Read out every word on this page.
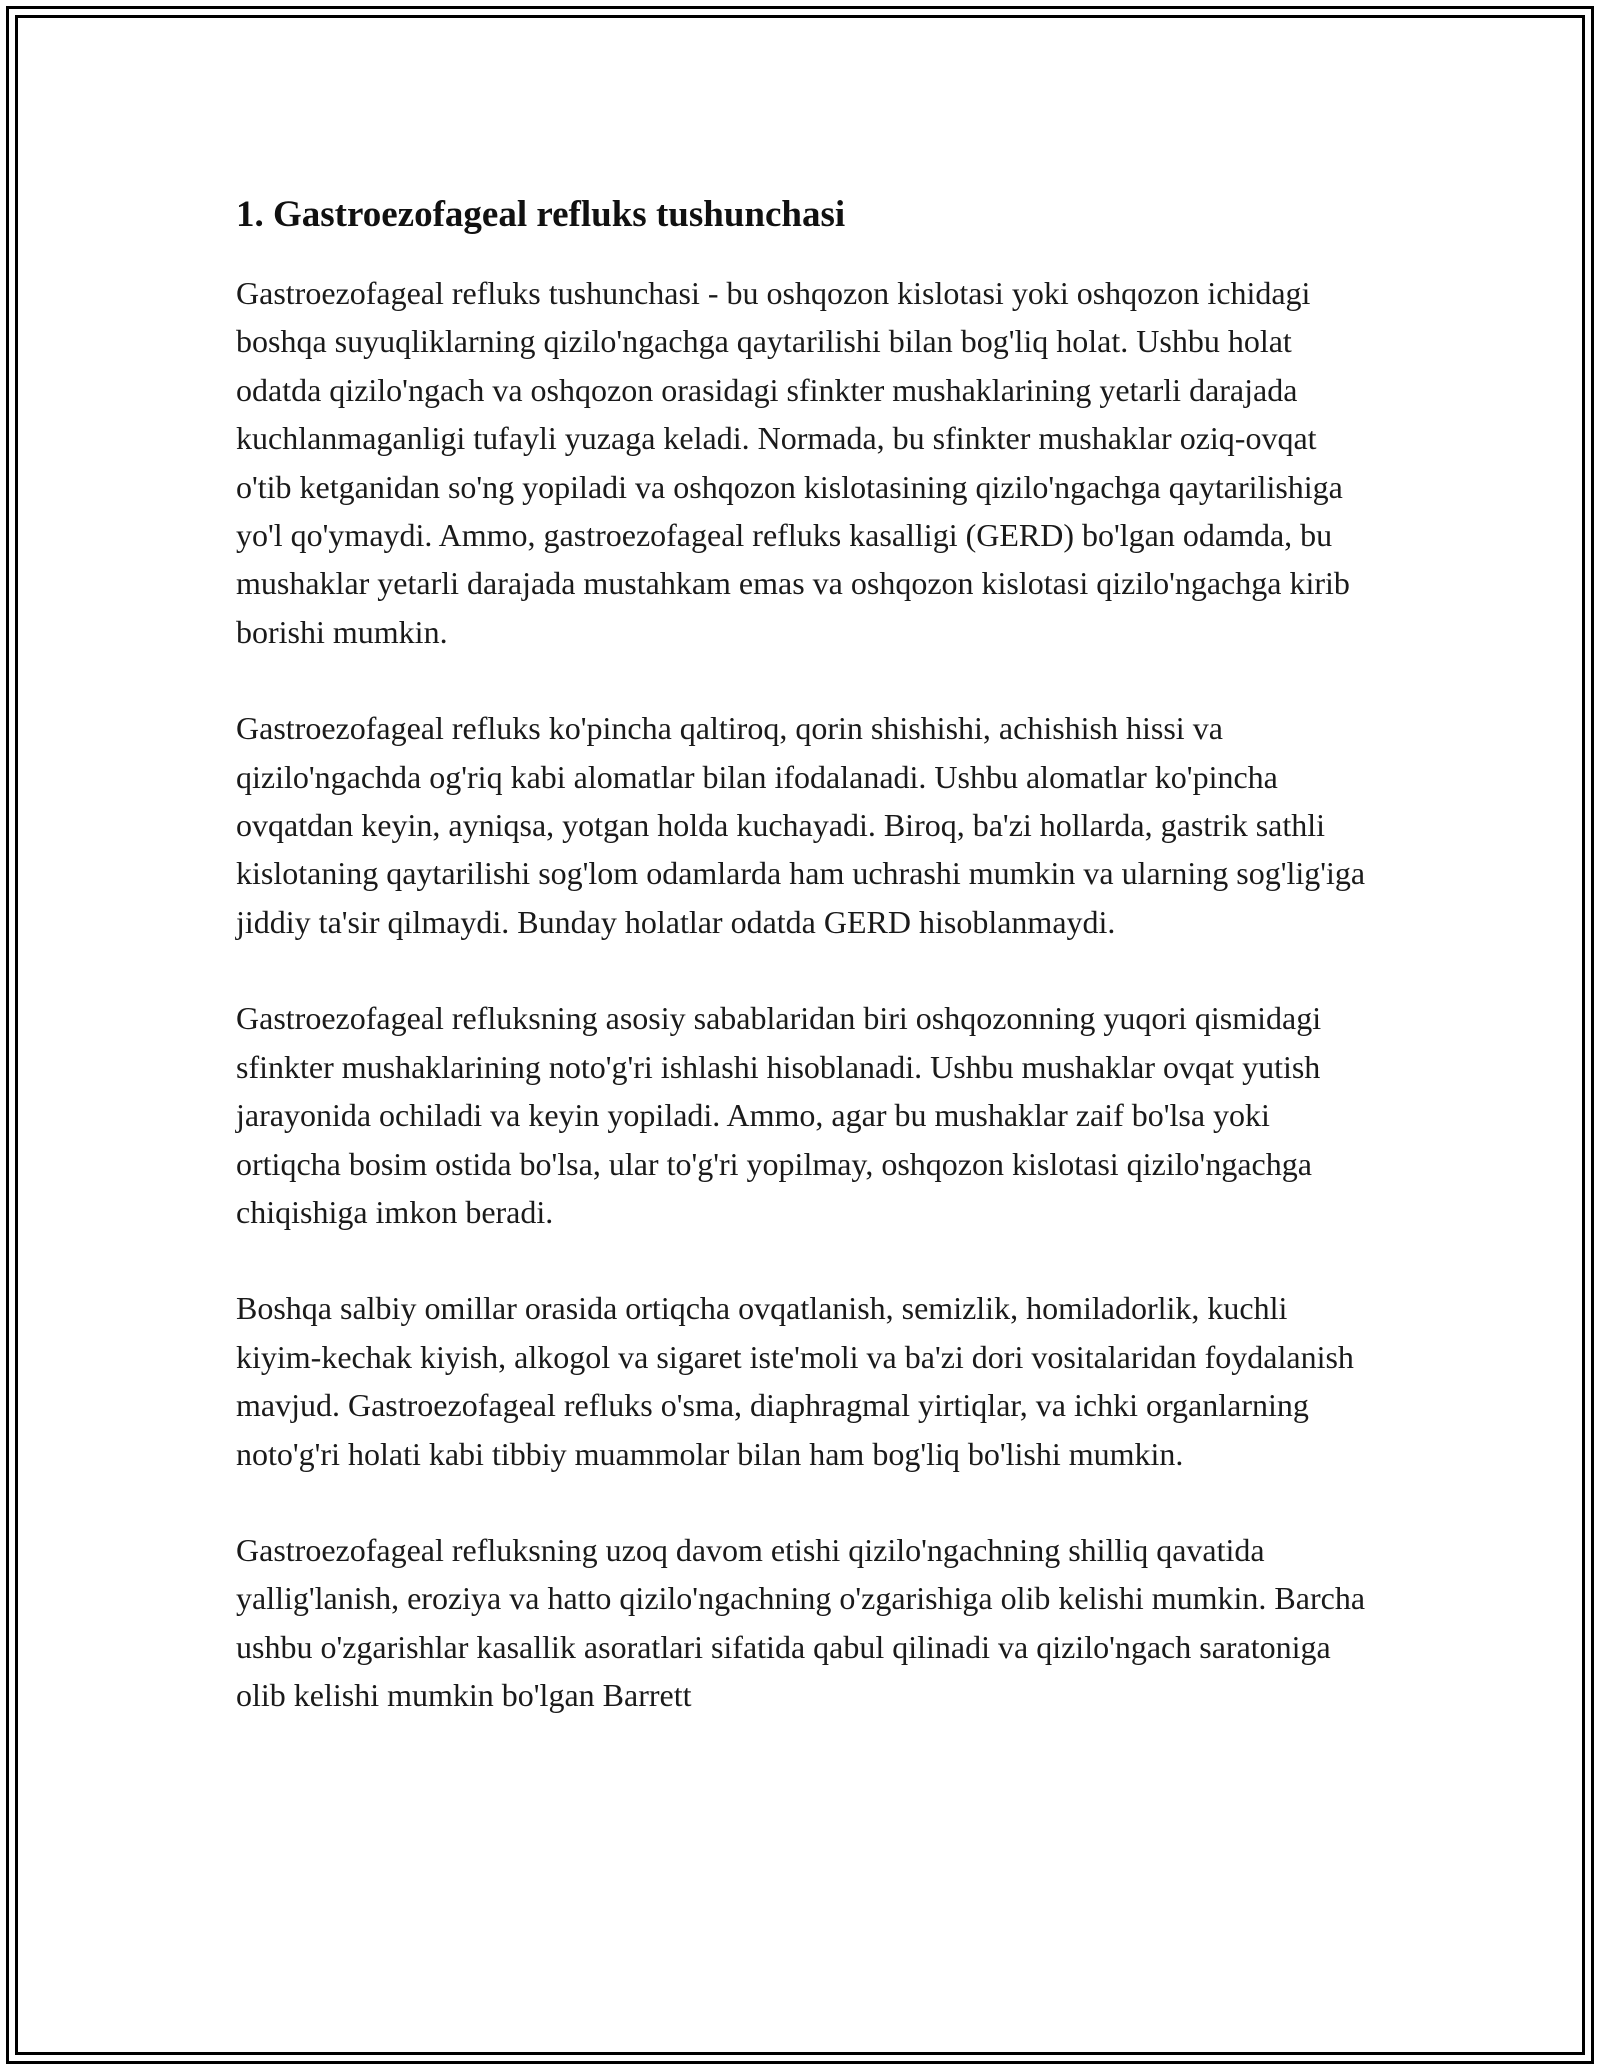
1. Gastroezofageal refluks tushunchasi

Gastroezofageal refluks tushunchasi - bu oshqozon kislotasi yoki oshqozon ichidagi boshqa suyuqliklarning qizilo'ngachga qaytarilishi bilan bog'liq holat. Ushbu holat odatda qizilo'ngach va oshqozon orasidagi sfinkter mushaklarining yetarli darajada kuchlanmaganligi tufayli yuzaga keladi. Normada, bu sfinkter mushaklar oziq-ovqat o'tib ketganidan so'ng yopiladi va oshqozon kislotasining qizilo'ngachga qaytarilishiga yo'l qo'ymaydi. Ammo, gastroezofageal refluks kasalligi (GERD) bo'lgan odamda, bu mushaklar yetarli darajada mustahkam emas va oshqozon kislotasi qizilo'ngachga kirib borishi mumkin.

Gastroezofageal refluks ko'pincha qaltiroq, qorin shishishi, achishish hissi va qizilo'ngachda og'riq kabi alomatlar bilan ifodalanadi. Ushbu alomatlar ko'pincha ovqatdan keyin, ayniqsa, yotgan holda kuchayadi. Biroq, ba'zi hollarda, gastrik sathli kislotaning qaytarilishi sog'lom odamlarda ham uchrashi mumkin va ularning sog'lig'iga jiddiy ta'sir qilmaydi. Bunday holatlar odatda GERD hisoblanmaydi.

Gastroezofageal refluksning asosiy sabablaridan biri oshqozonning yuqori qismidagi sfinkter mushaklarining noto'g'ri ishlashi hisoblanadi. Ushbu mushaklar ovqat yutish jarayonida ochiladi va keyin yopiladi. Ammo, agar bu mushaklar zaif bo'lsa yoki ortiqcha bosim ostida bo'lsa, ular to'g'ri yopilmay, oshqozon kislotasi qizilo'ngachga chiqishiga imkon beradi.

Boshqa salbiy omillar orasida ortiqcha ovqatlanish, semizlik, homiladorlik, kuchli kiyim-kechak kiyish, alkogol va sigaret iste'moli va ba'zi dori vositalaridan foydalanish mavjud. Gastroezofageal refluks o'sma, diaphragmal yirtiqlar, va ichki organlarning noto'g'ri holati kabi tibbiy muammolar bilan ham bog'liq bo'lishi mumkin.

Gastroezofageal refluksning uzoq davom etishi qizilo'ngachning shilliq qavatida yallig'lanish, eroziya va hatto qizilo'ngachning o'zgarishiga olib kelishi mumkin. Barcha ushbu o'zgarishlar kasallik asoratlari sifatida qabul qilinadi va qizilo'ngach saratoniga olib kelishi mumkin bo'lgan Barrett
